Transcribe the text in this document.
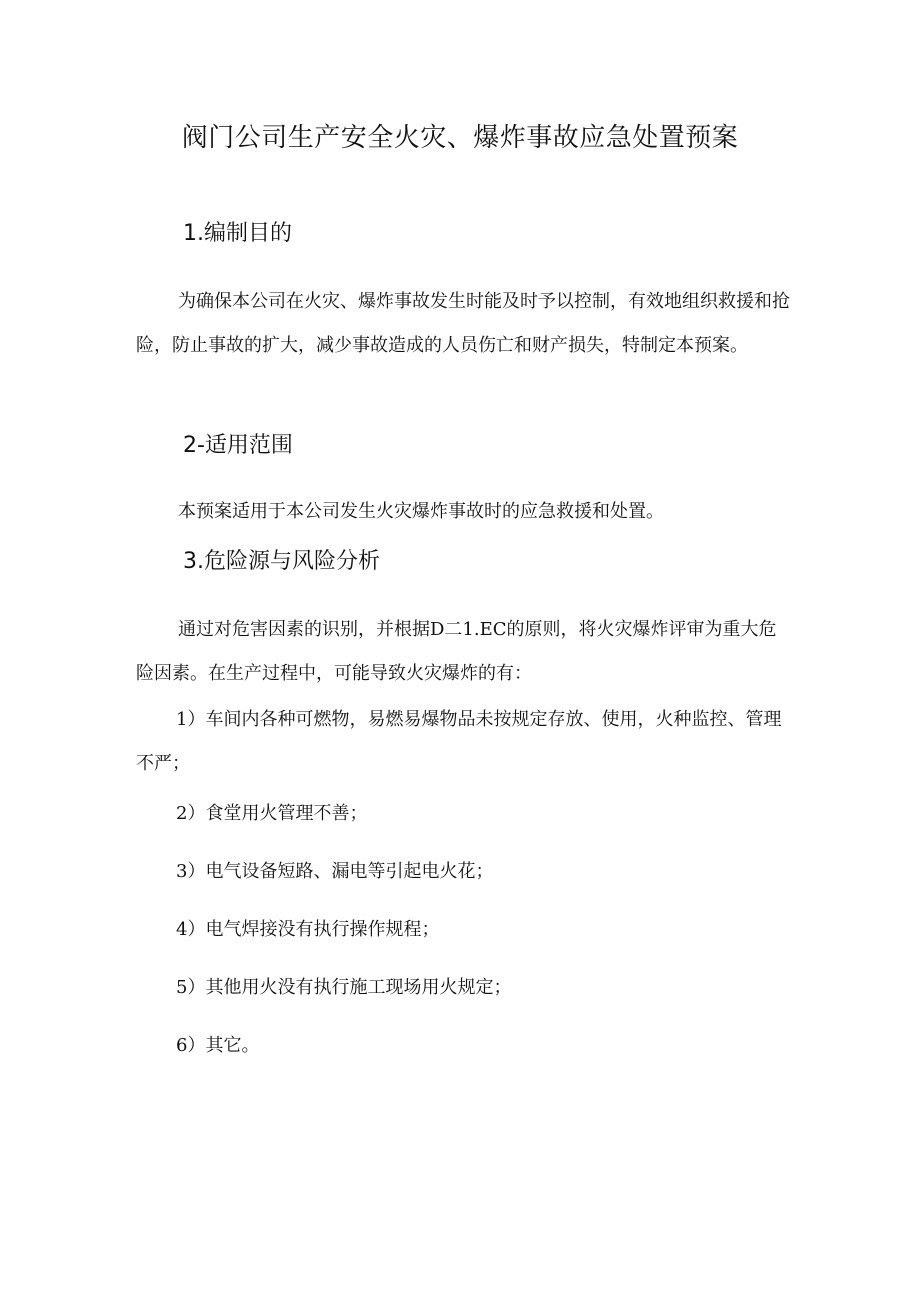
阀门公司生产安全火灾、爆炸事故应急处置预案
1.编制目的

为确保本公司在火灾、爆炸事故发生时能及时予以控制，有效地组织救援和抢险，防止事故的扩大，减少事故造成的人员伤亡和财产损失，特制定本预案。

2-适用范围

本预案适用于本公司发生火灾爆炸事故时的应急救援和处置。

3.危险源与风险分析

通过对危害因素的识别，并根据D二1.EC的原则，将火灾爆炸评审为重大危险因素。在生产过程中，可能导致火灾爆炸的有：

1）车间内各种可燃物，易燃易爆物品未按规定存放、使用，火种监控、管理不严；

2）食堂用火管理不善；

3）电气设备短路、漏电等引起电火花；

4）电气焊接没有执行操作规程；

5）其他用火没有执行施工现场用火规定；

6）其它。
